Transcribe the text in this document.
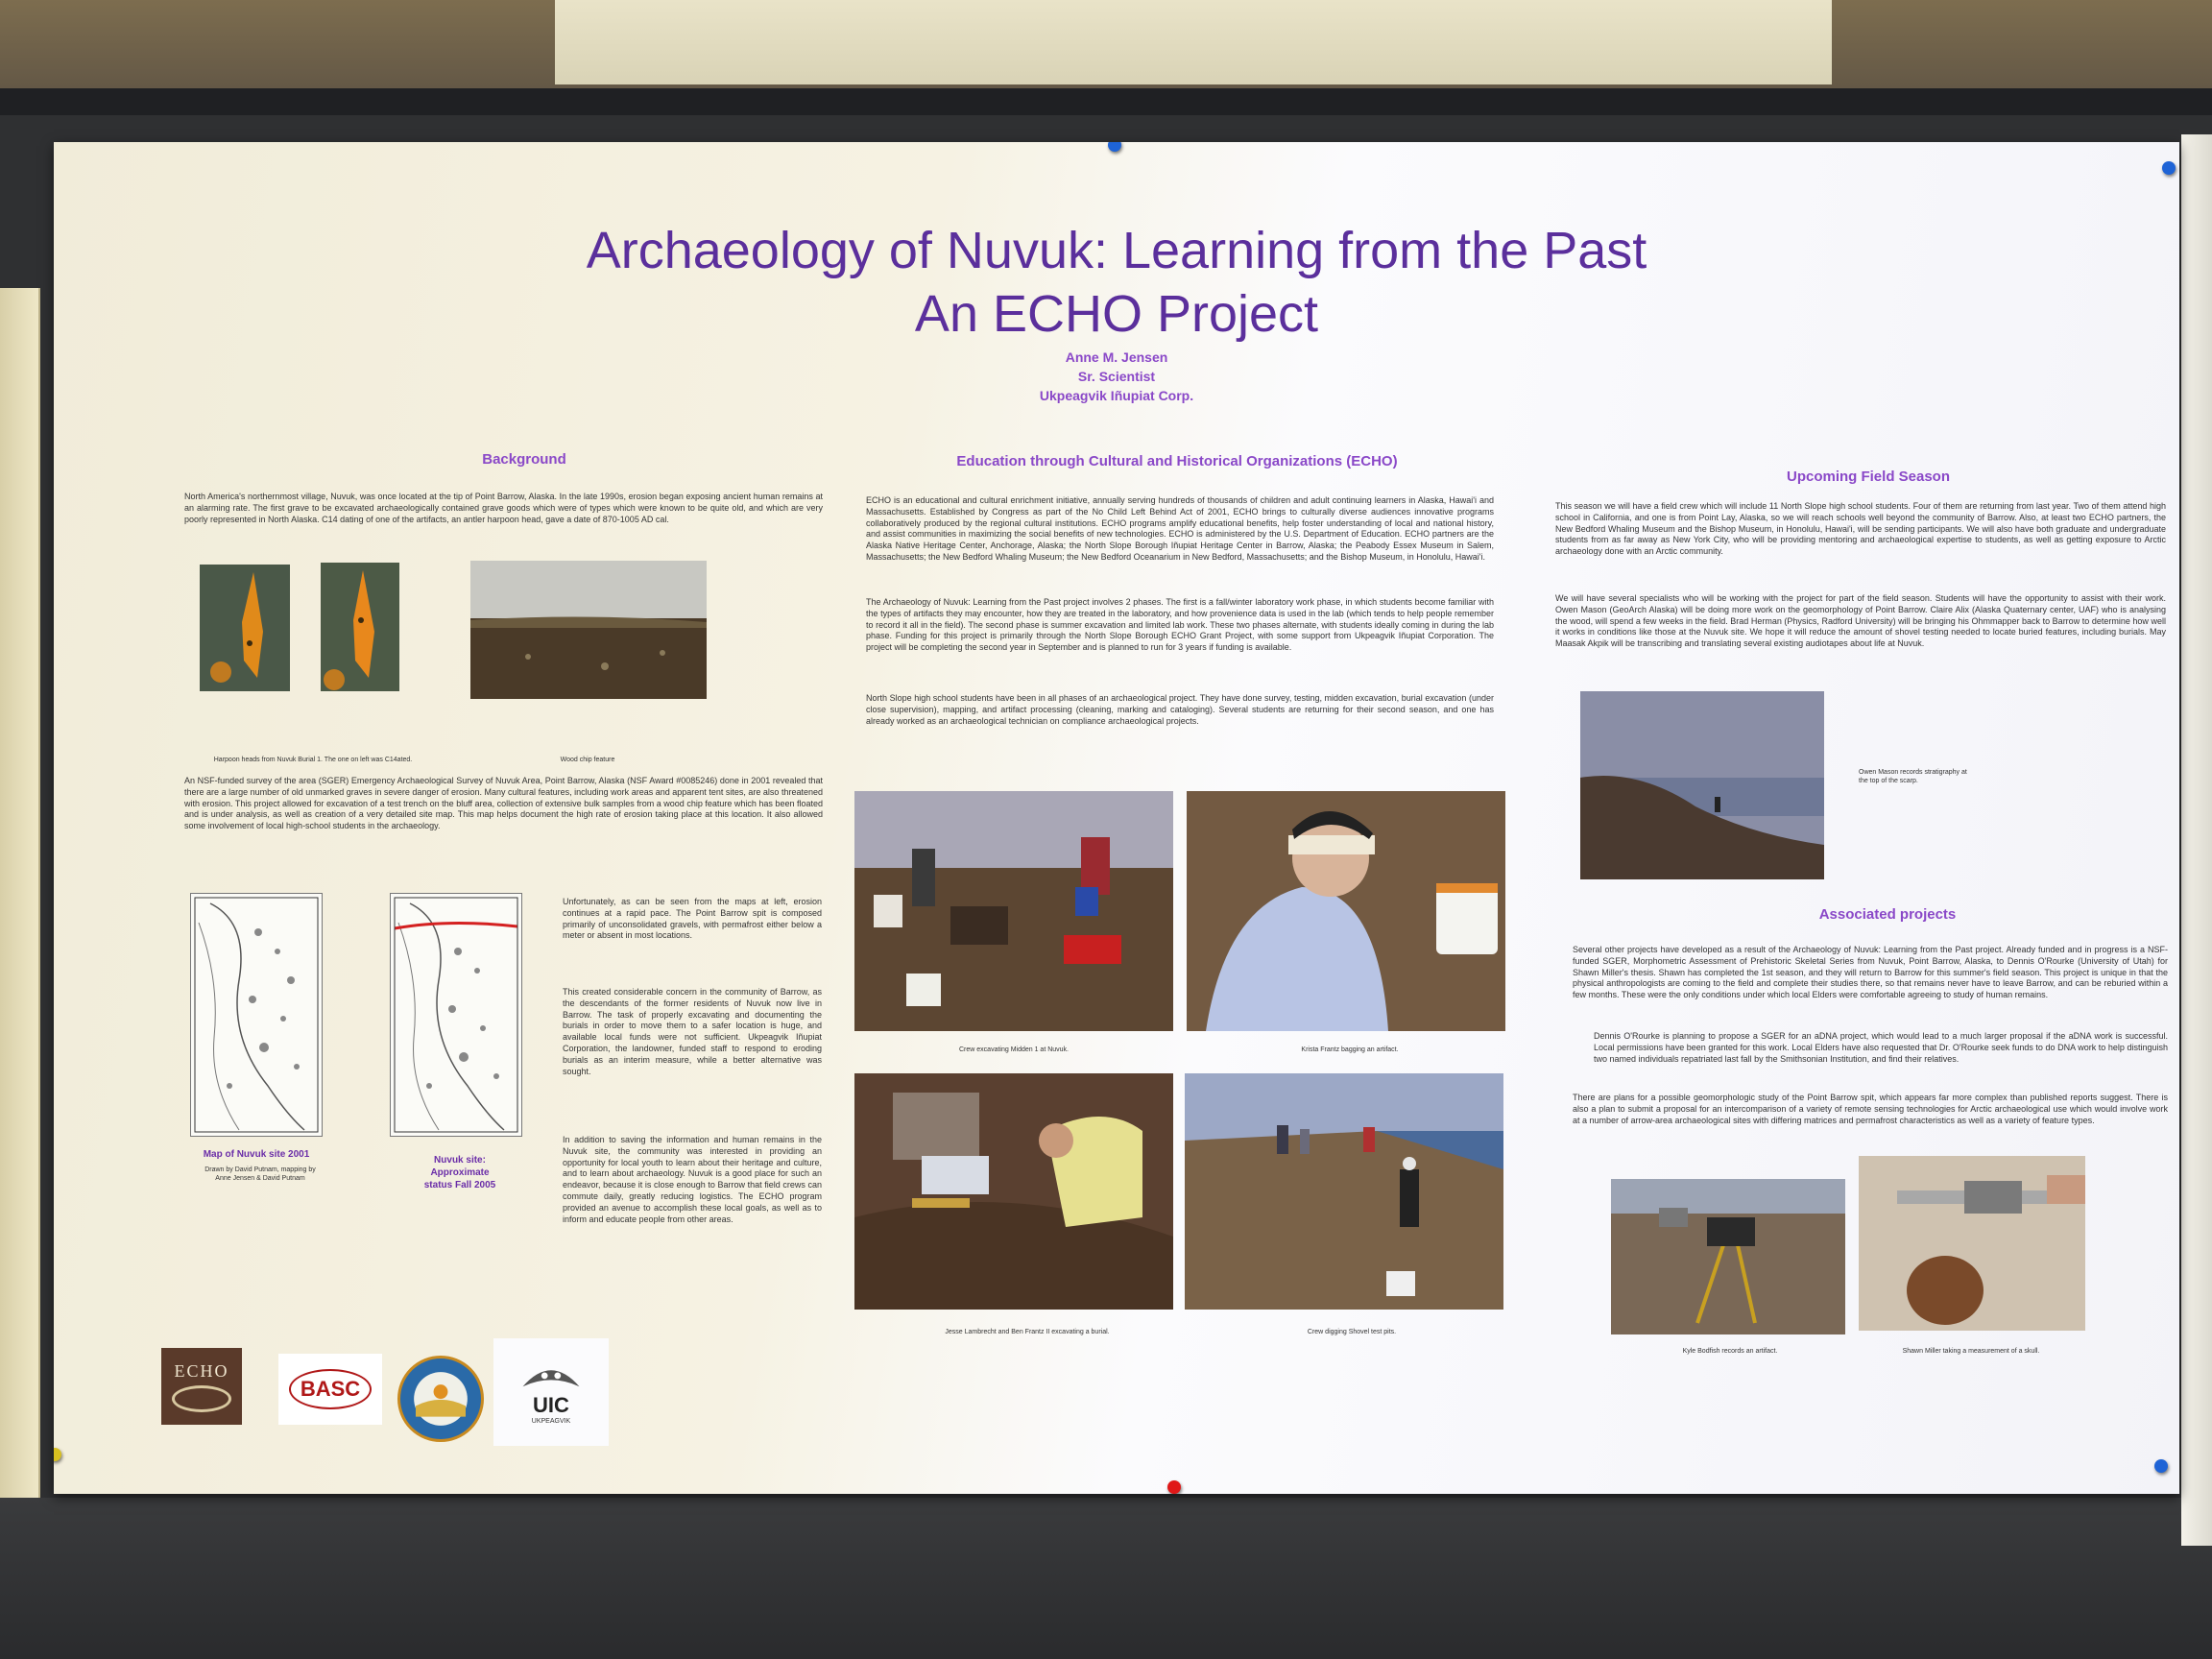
Archaeology of Nuvuk: Learning from the Past
An ECHO Project
Anne M. Jensen
Sr. Scientist
Ukpeagvik Iñupiat Corp.
Background
North America's northernmost village, Nuvuk, was once located at the tip of Point Barrow, Alaska. In the late 1990s, erosion began exposing ancient human remains at an alarming rate. The first grave to be excavated archaeologically contained grave goods which were of types which were known to be quite old, and which are very poorly represented in North Alaska. C14 dating of one of the artifacts, an antler harpoon head, gave a date of 870-1005 AD cal.
Harpoon heads from Nuvuk Burial 1. The one on left was C14ated.	Wood chip feature
An NSF-funded survey of the area (SGER) Emergency Archaeological Survey of Nuvuk Area, Point Barrow, Alaska (NSF Award #0085246) done in 2001 revealed that there are a large number of old unmarked graves in severe danger of erosion. Many cultural features, including work areas and apparent tent sites, are also threatened with erosion. This project allowed for excavation of a test trench on the bluff area, collection of extensive bulk samples from a wood chip feature which has been floated and is under analysis, as well as creation of a very detailed site map. This map helps document the high rate of erosion taking place at this location. It also allowed some involvement of local high-school students in the archaeology.
Map of Nuvuk site 2001
Drawn by David Putnam, mapping by Anne Jensen & David Putnam
Nuvuk site: Approximate status Fall 2005
Unfortunately, as can be seen from the maps at left, erosion continues at a rapid pace. The Point Barrow spit is composed primarily of unconsolidated gravels, with permafrost either below a meter or absent in most locations.
This created considerable concern in the community of Barrow, as the descendants of the former residents of Nuvuk now live in Barrow. The task of properly excavating and documenting the burials in order to move them to a safer location is huge, and available local funds were not sufficient. Ukpeagvik Iñupiat Corporation, the landowner, funded staff to respond to eroding burials as an interim measure, while a better alternative was sought.
In addition to saving the information and human remains in the Nuvuk site, the community was interested in providing an opportunity for local youth to learn about their heritage and culture, and to learn about archaeology. Nuvuk is a good place for such an endeavor, because it is close enough to Barrow that field crews can commute daily, greatly reducing logistics. The ECHO program provided an avenue to accomplish these local goals, as well as to inform and educate people from other areas.
ECHO
BASC
UIC
UKPEAGVIK
Education through Cultural and Historical Organizations (ECHO)
ECHO is an educational and cultural enrichment initiative, annually serving hundreds of thousands of children and adult continuing learners in Alaska, Hawai'i and Massachusetts. Established by Congress as part of the No Child Left Behind Act of 2001, ECHO brings to culturally diverse audiences innovative programs collaboratively produced by the regional cultural institutions. ECHO programs amplify educational benefits, help foster understanding of local and national history, and assist communities in maximizing the social benefits of new technologies. ECHO is administered by the U.S. Department of Education. ECHO partners are the Alaska Native Heritage Center, Anchorage, Alaska; the North Slope Borough Iñupiat Heritage Center in Barrow, Alaska; the Peabody Essex Museum in Salem, Massachusetts; the New Bedford Whaling Museum; the New Bedford Oceanarium in New Bedford, Massachusetts; and the Bishop Museum, in Honolulu, Hawai'i.
The Archaeology of Nuvuk: Learning from the Past project involves 2 phases. The first is a fall/winter laboratory work phase, in which students become familiar with the types of artifacts they may encounter, how they are treated in the laboratory, and how provenience data is used in the lab (which tends to help people remember to record it all in the field). The second phase is summer excavation and limited lab work. These two phases alternate, with students ideally coming in during the lab phase. Funding for this project is primarily through the North Slope Borough ECHO Grant Project, with some support from Ukpeagvik Iñupiat Corporation. The project will be completing the second year in September and is planned to run for 3 years if funding is available.
North Slope high school students have been in all phases of an archaeological project. They have done survey, testing, midden excavation, burial excavation (under close supervision), mapping, and artifact processing (cleaning, marking and cataloging). Several students are returning for their second season, and one has already worked as an archaeological technician on compliance archaeological projects.
Crew excavating Midden 1 at Nuvuk.	Krista Frantz bagging an artifact.
Jesse Lambrecht and Ben Frantz II excavating a burial.	Crew digging Shovel test pits.
Upcoming Field Season
This season we will have a field crew which will include 11 North Slope high school students. Four of them are returning from last year. Two of them attend high school in California, and one is from Point Lay, Alaska, so we will reach schools well beyond the community of Barrow. Also, at least two ECHO partners, the New Bedford Whaling Museum and the Bishop Museum, in Honolulu, Hawai'i, will be sending participants. We will also have both graduate and undergraduate students from as far away as New York City, who will be providing mentoring and archaeological expertise to students, as well as getting exposure to Arctic archaeology done with an Arctic community.
We will have several specialists who will be working with the project for part of the field season. Students will have the opportunity to assist with their work. Owen Mason (GeoArch Alaska) will be doing more work on the geomorphology of Point Barrow. Claire Alix (Alaska Quaternary center, UAF) who is analysing the wood, will spend a few weeks in the field. Brad Herman (Physics, Radford University) will be bringing his Ohmmapper back to Barrow to determine how well it works in conditions like those at the Nuvuk site. We hope it will reduce the amount of shovel testing needed to locate buried features, including burials. May Maasak Akpik will be transcribing and translating several existing audiotapes about life at Nuvuk.
Owen Mason records stratigraphy at the top of the scarp.
Associated projects
Several other projects have developed as a result of the Archaeology of Nuvuk: Learning from the Past project. Already funded and in progress is a NSF-funded SGER, Morphometric Assessment of Prehistoric Skeletal Series from Nuvuk, Point Barrow, Alaska, to Dennis O'Rourke (University of Utah) for Shawn Miller's thesis. Shawn has completed the 1st season, and they will return to Barrow for this summer's field season. This project is unique in that the physical anthropologists are coming to the field and complete their studies there, so that remains never have to leave Barrow, and can be reburied within a few months. These were the only conditions under which local Elders were comfortable agreeing to study of human remains.
Dennis O'Rourke is planning to propose a SGER for an aDNA project, which would lead to a much larger proposal if the aDNA work is successful. Local permissions have been granted for this work. Local Elders have also requested that Dr. O'Rourke seek funds to do DNA work to help distinguish two named individuals repatriated last fall by the Smithsonian Institution, and find their relatives.
There are plans for a possible geomorphologic study of the Point Barrow spit, which appears far more complex than published reports suggest. There is also a plan to submit a proposal for an intercomparison of a variety of remote sensing technologies for Arctic archaeological use which would involve work at a number of arrow-area archaeological sites with differing matrices and permafrost characteristics as well as a variety of feature types.
Kyle Bodfish records an artifact.	Shawn Miller taking a measurement of a skull.
